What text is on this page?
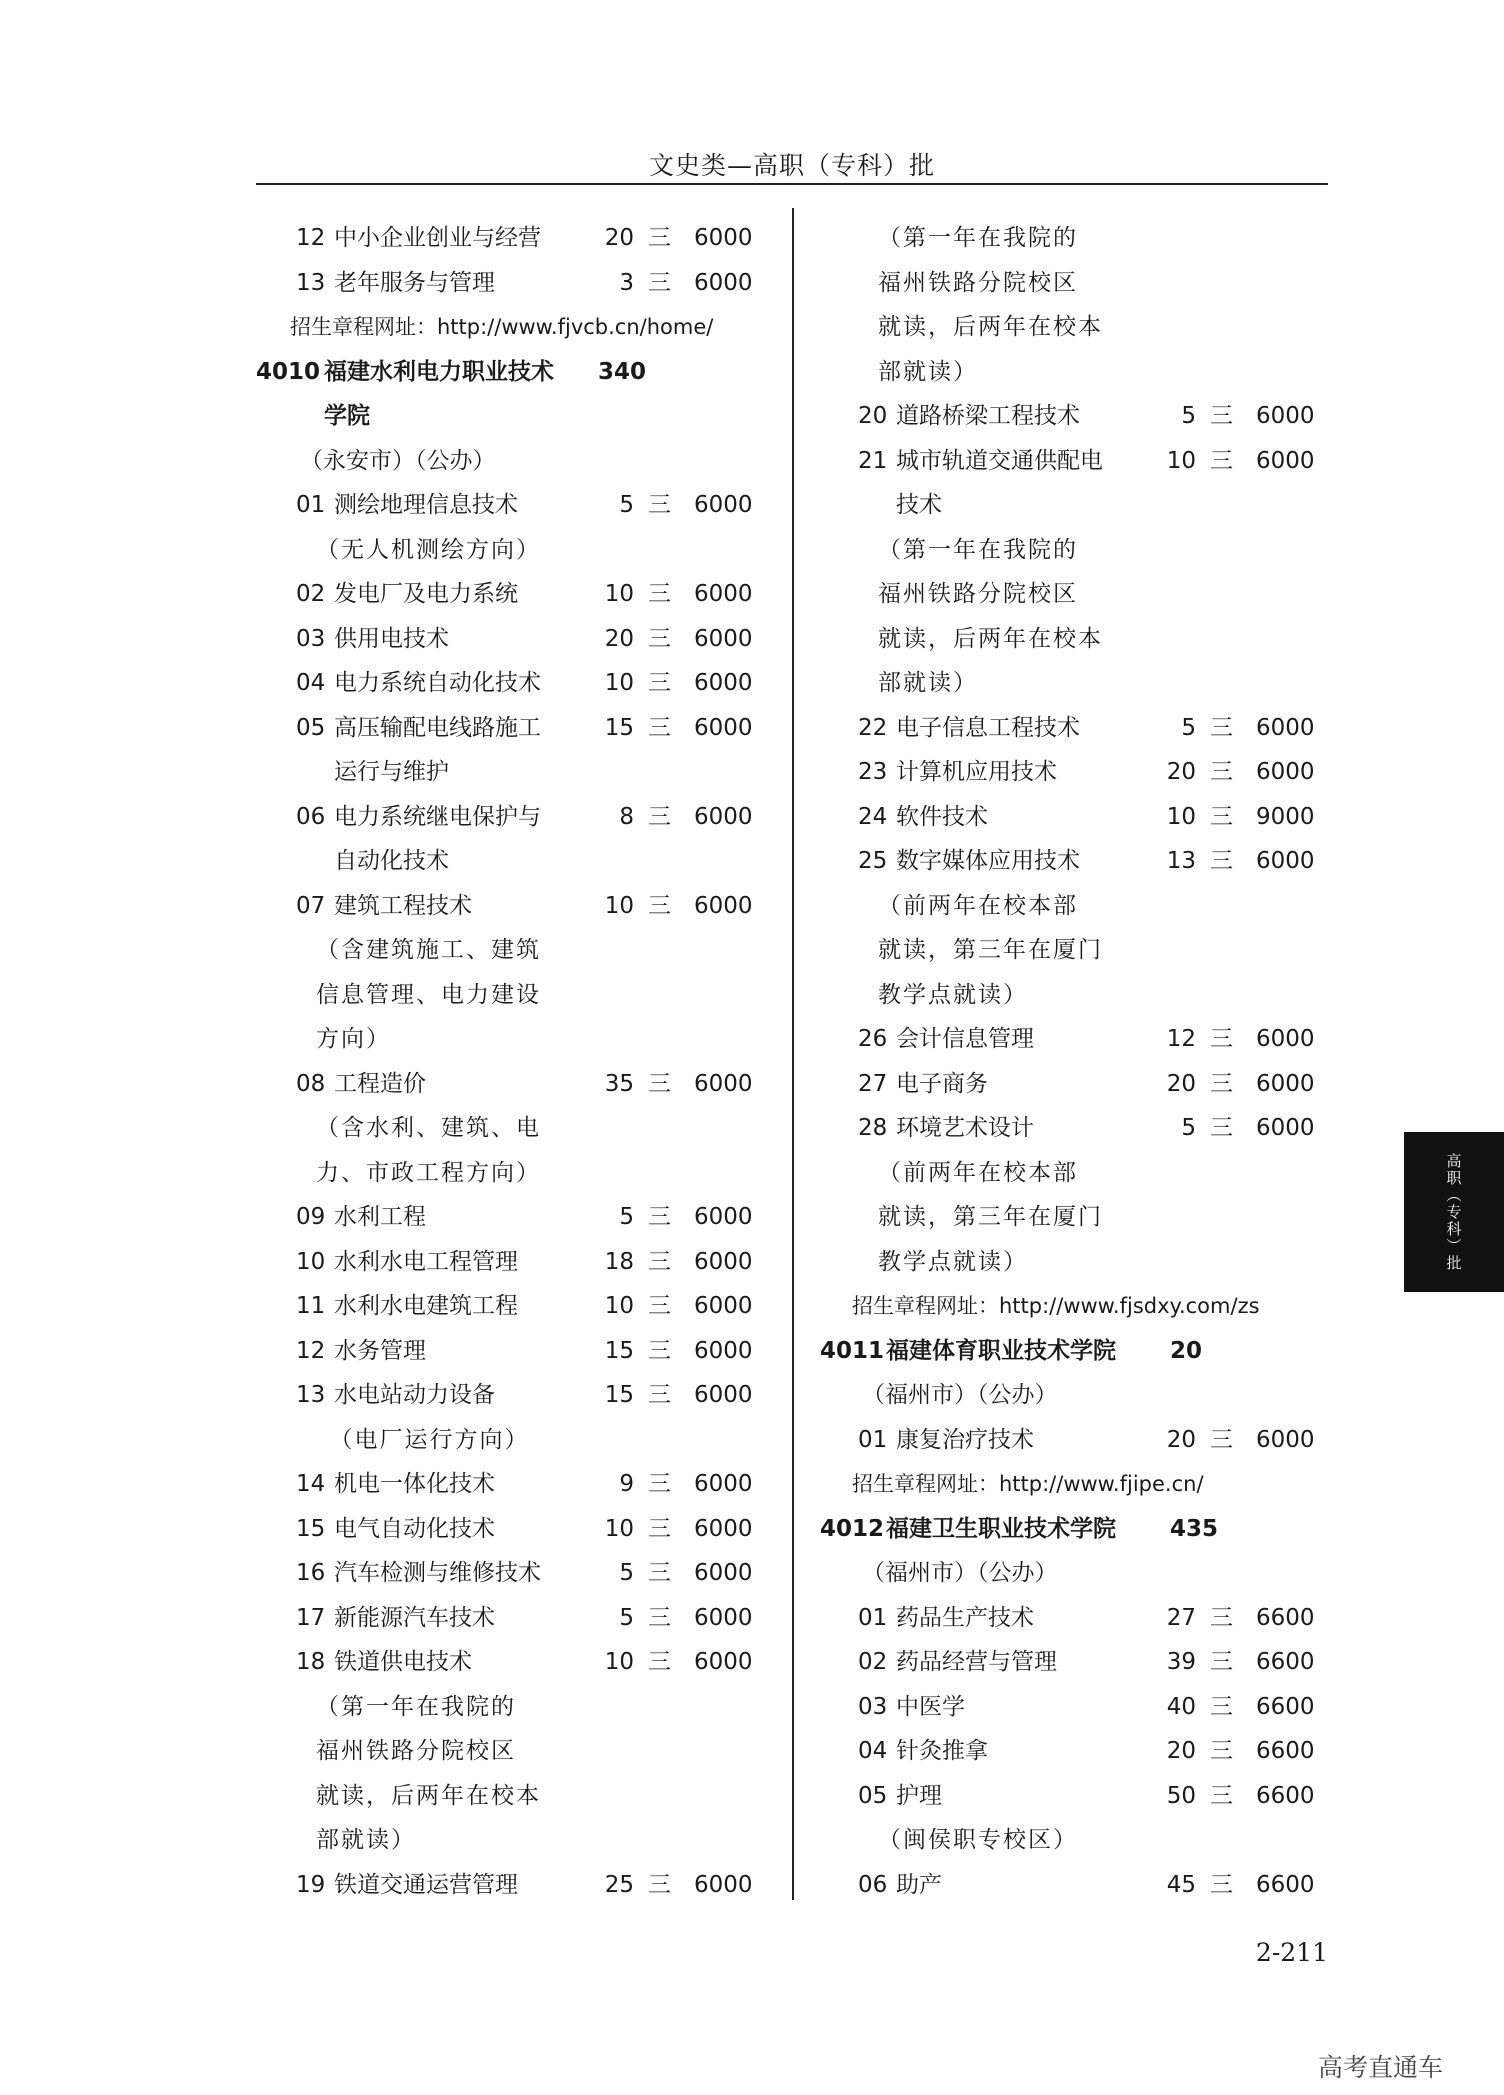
文史类—高职（专科）批
12 中小企业创业与经营	20 三 6000
13 老年服务与管理	3 三 6000
招生章程网址：http://www.fjvcb.cn/home/
4010 福建水利电力职业技术 340
学院
（永安市）（公办）
01 测绘地理信息技术	5 三 6000
（无人机测绘方向）
02 发电厂及电力系统	10 三 6000
03 供用电技术	20 三 6000
04 电力系统自动化技术	10 三 6000
05 高压输配电线路施工	15 三 6000
运行与维护
06 电力系统继电保护与	8 三 6000
自动化技术
07 建筑工程技术	10 三 6000
（含建筑施工、建筑
信息管理、电力建设
方向）
08 工程造价	35 三 6000
（含水利、建筑、电
力、市政工程方向）
09 水利工程	5 三 6000
10 水利水电工程管理	18 三 6000
11 水利水电建筑工程	10 三 6000
12 水务管理	15 三 6000
13 水电站动力设备	15 三 6000
　（电厂运行方向）
14 机电一体化技术	9 三 6000
15 电气自动化技术	10 三 6000
16 汽车检测与维修技术	5 三 6000
17 新能源汽车技术	5 三 6000
18 铁道供电技术	10 三 6000
（第一年在我院的
福州铁路分院校区
就读，后两年在校本
部就读）
19 铁道交通运营管理	25 三 6000
（第一年在我院的
福州铁路分院校区
就读，后两年在校本
部就读）
20 道路桥梁工程技术	5 三 6000
21 城市轨道交通供配电	10 三 6000
技术
（第一年在我院的
福州铁路分院校区
就读，后两年在校本
部就读）
22 电子信息工程技术	5 三 6000
23 计算机应用技术	20 三 6000
24 软件技术	10 三 9000
25 数字媒体应用技术	13 三 6000
（前两年在校本部
就读，第三年在厦门
教学点就读）
26 会计信息管理	12 三 6000
27 电子商务	20 三 6000
28 环境艺术设计	5 三 6000
（前两年在校本部
就读，第三年在厦门
教学点就读）
招生章程网址：http://www.fjsdxy.com/zs
4011 福建体育职业技术学院 20
（福州市）（公办）
01 康复治疗技术	20 三 6000
招生章程网址：http://www.fjipe.cn/
4012 福建卫生职业技术学院 435
（福州市）（公办）
01 药品生产技术	27 三 6600
02 药品经营与管理	39 三 6600
03 中医学	40 三 6600
04 针灸推拿	20 三 6600
05 护理	50 三 6600
（闽侯职专校区）
06 助产	45 三 6600
高职（专科）批
2-211
高考直通车
